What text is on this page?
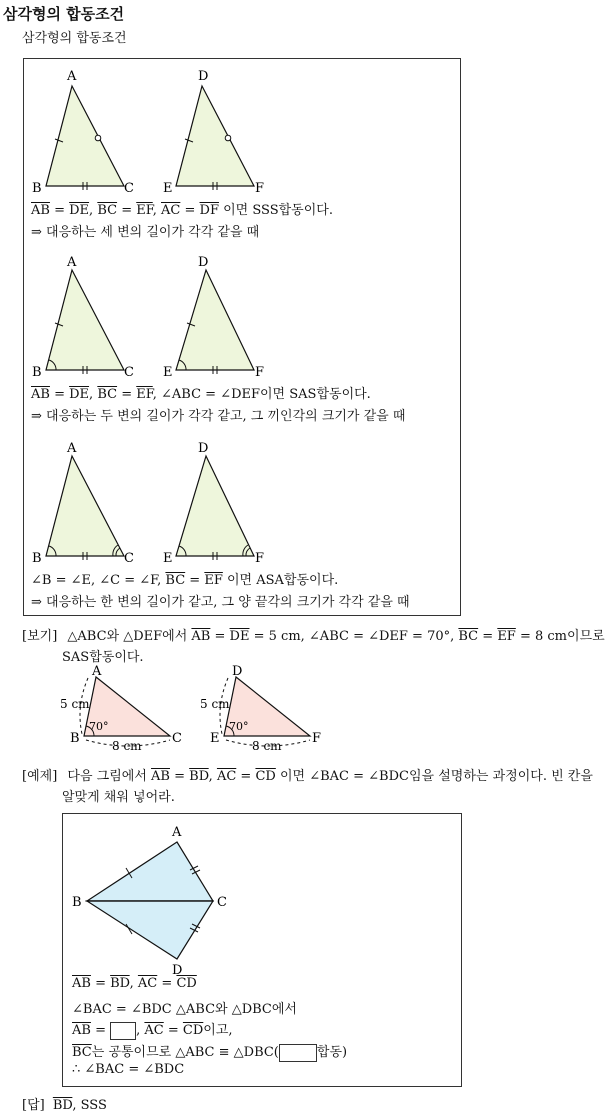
삼각형의 합동조건
삼각형의 합동조건
A
B	C
D
E	F
A
B	C
D
E	F
A
B	C
D
E	F
$\overline{AB} = \overline{DE}$, $\overline{BC} = \overline{EF}$, $\overline{AC} = \overline{DF}$ 이면 SSS합동이다.
⇒ 대응하는 세 변의 길이가 각각 같을 때
$\overline{AB} = \overline{DE}$, $\overline{BC} = \overline{EF}$, ∠ABC = ∠DEF이면 SAS합동이다.
⇒ 대응하는 두 변의 길이가 각각 같고, 그 끼인각의 크기가 같을 때
∠B = ∠E, ∠C = ∠F, $\overline{BC} = \overline{EF}$ 이면 ASA합동이다.
⇒ 대응하는 한 변의 길이가 같고, 그 양 끝각의 크기가 각각 같을 때
[보기] △ABC와 △DEF에서 $\overline{AB} = \overline{DE} = 5$ cm, ∠ABC = ∠DEF = 70°, $\overline{BC} = \overline{EF} = 8$ cm이므로
SAS합동이다.
A
B	C
D
E	F
5 cm	5 cm
70°	70°
8 cm	8 cm
[예제] 다음 그림에서 $\overline{AB} = \overline{BD}$, $\overline{AC} = \overline{CD}$ 이면 ∠BAC = ∠BDC임을 설명하는 과정이다. 빈 칸을
알맞게 채워 넣어라.
A
B	C
D
$\overline{AB} = \overline{BD}$, $\overline{AC} = \overline{CD}$
∠BAC = ∠BDC △ABC와 △DBC에서
$\overline{AB}$ = , $\overline{AC} = \overline{CD}$이고,
$\overline{BC}$는 공통이므로 △ABC ≡ △DBC(	합동)
∴ ∠BAC = ∠BDC
[답] $\overline{BD}$, SSS
